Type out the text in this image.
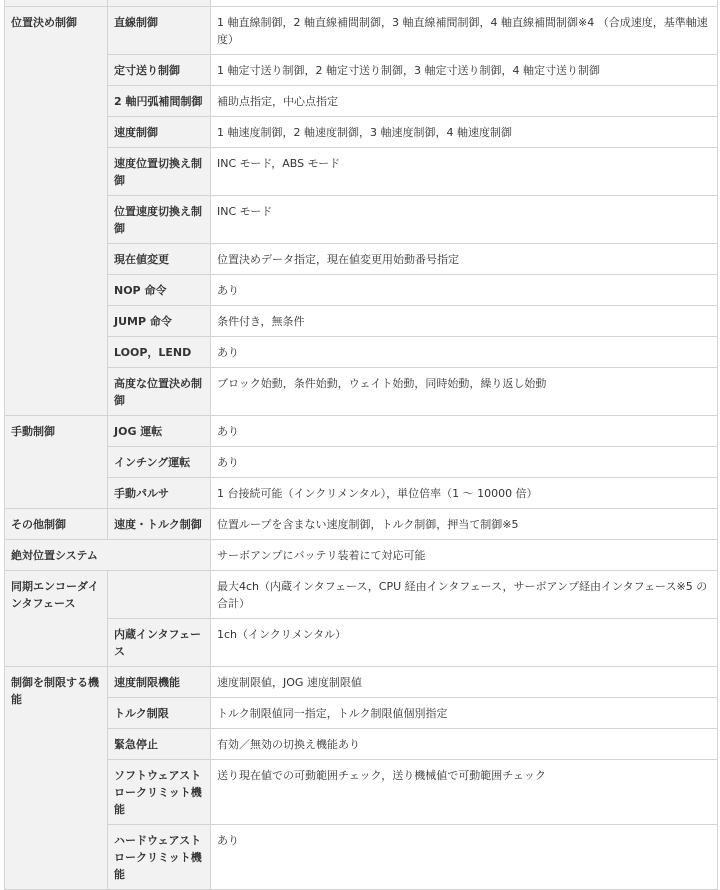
位置決め制御	直線制御	1 軸直線制御，2 軸直線補間制御，3 軸直線補間制御，4 軸直線補間制御※4 （合成速度，基準軸速度）
	定寸送り制御	1 軸定寸送り制御，2 軸定寸送り制御，3 軸定寸送り制御，4 軸定寸送り制御
	2 軸円弧補間制御	補助点指定，中心点指定
	速度制御	1 軸速度制御，2 軸速度制御，3 軸速度制御，4 軸速度制御
	速度位置切換え制御	INC モード，ABS モード
	位置速度切換え制御	INC モード
	現在値変更	位置決めデータ指定，現在値変更用始動番号指定
	NOP 命令	あり
	JUMP 命令	条件付き，無条件
	LOOP，LEND	あり
	高度な位置決め制御	ブロック始動，条件始動，ウェイト始動，同時始動，繰り返し始動
手動制御	JOG 運転	あり
	インチング運転	あり
	手動パルサ	1 台接続可能（インクリメンタル），単位倍率（1 ～ 10000 倍）
その他制御	速度・トルク制御	位置ループを含まない速度制御，トルク制御，押当て制御※5
絶対位置システム		サーボアンプにバッテリ装着にて対応可能
同期エンコーダインタフェース		最大4ch（内蔵インタフェース，CPU 経由インタフェース，サーボアンプ経由インタフェース※5 の合計）
	内蔵インタフェース	1ch（インクリメンタル）
制御を制限する機能	速度制限機能	速度制限値，JOG 速度制限値
	トルク制限	トルク制限値同一指定，トルク制限値個別指定
	緊急停止	有効／無効の切換え機能あり
	ソフトウェアストロークリミット機能	送り現在値での可動範囲チェック，送り機械値で可動範囲チェック
	ハードウェアストロークリミット機能	あり
